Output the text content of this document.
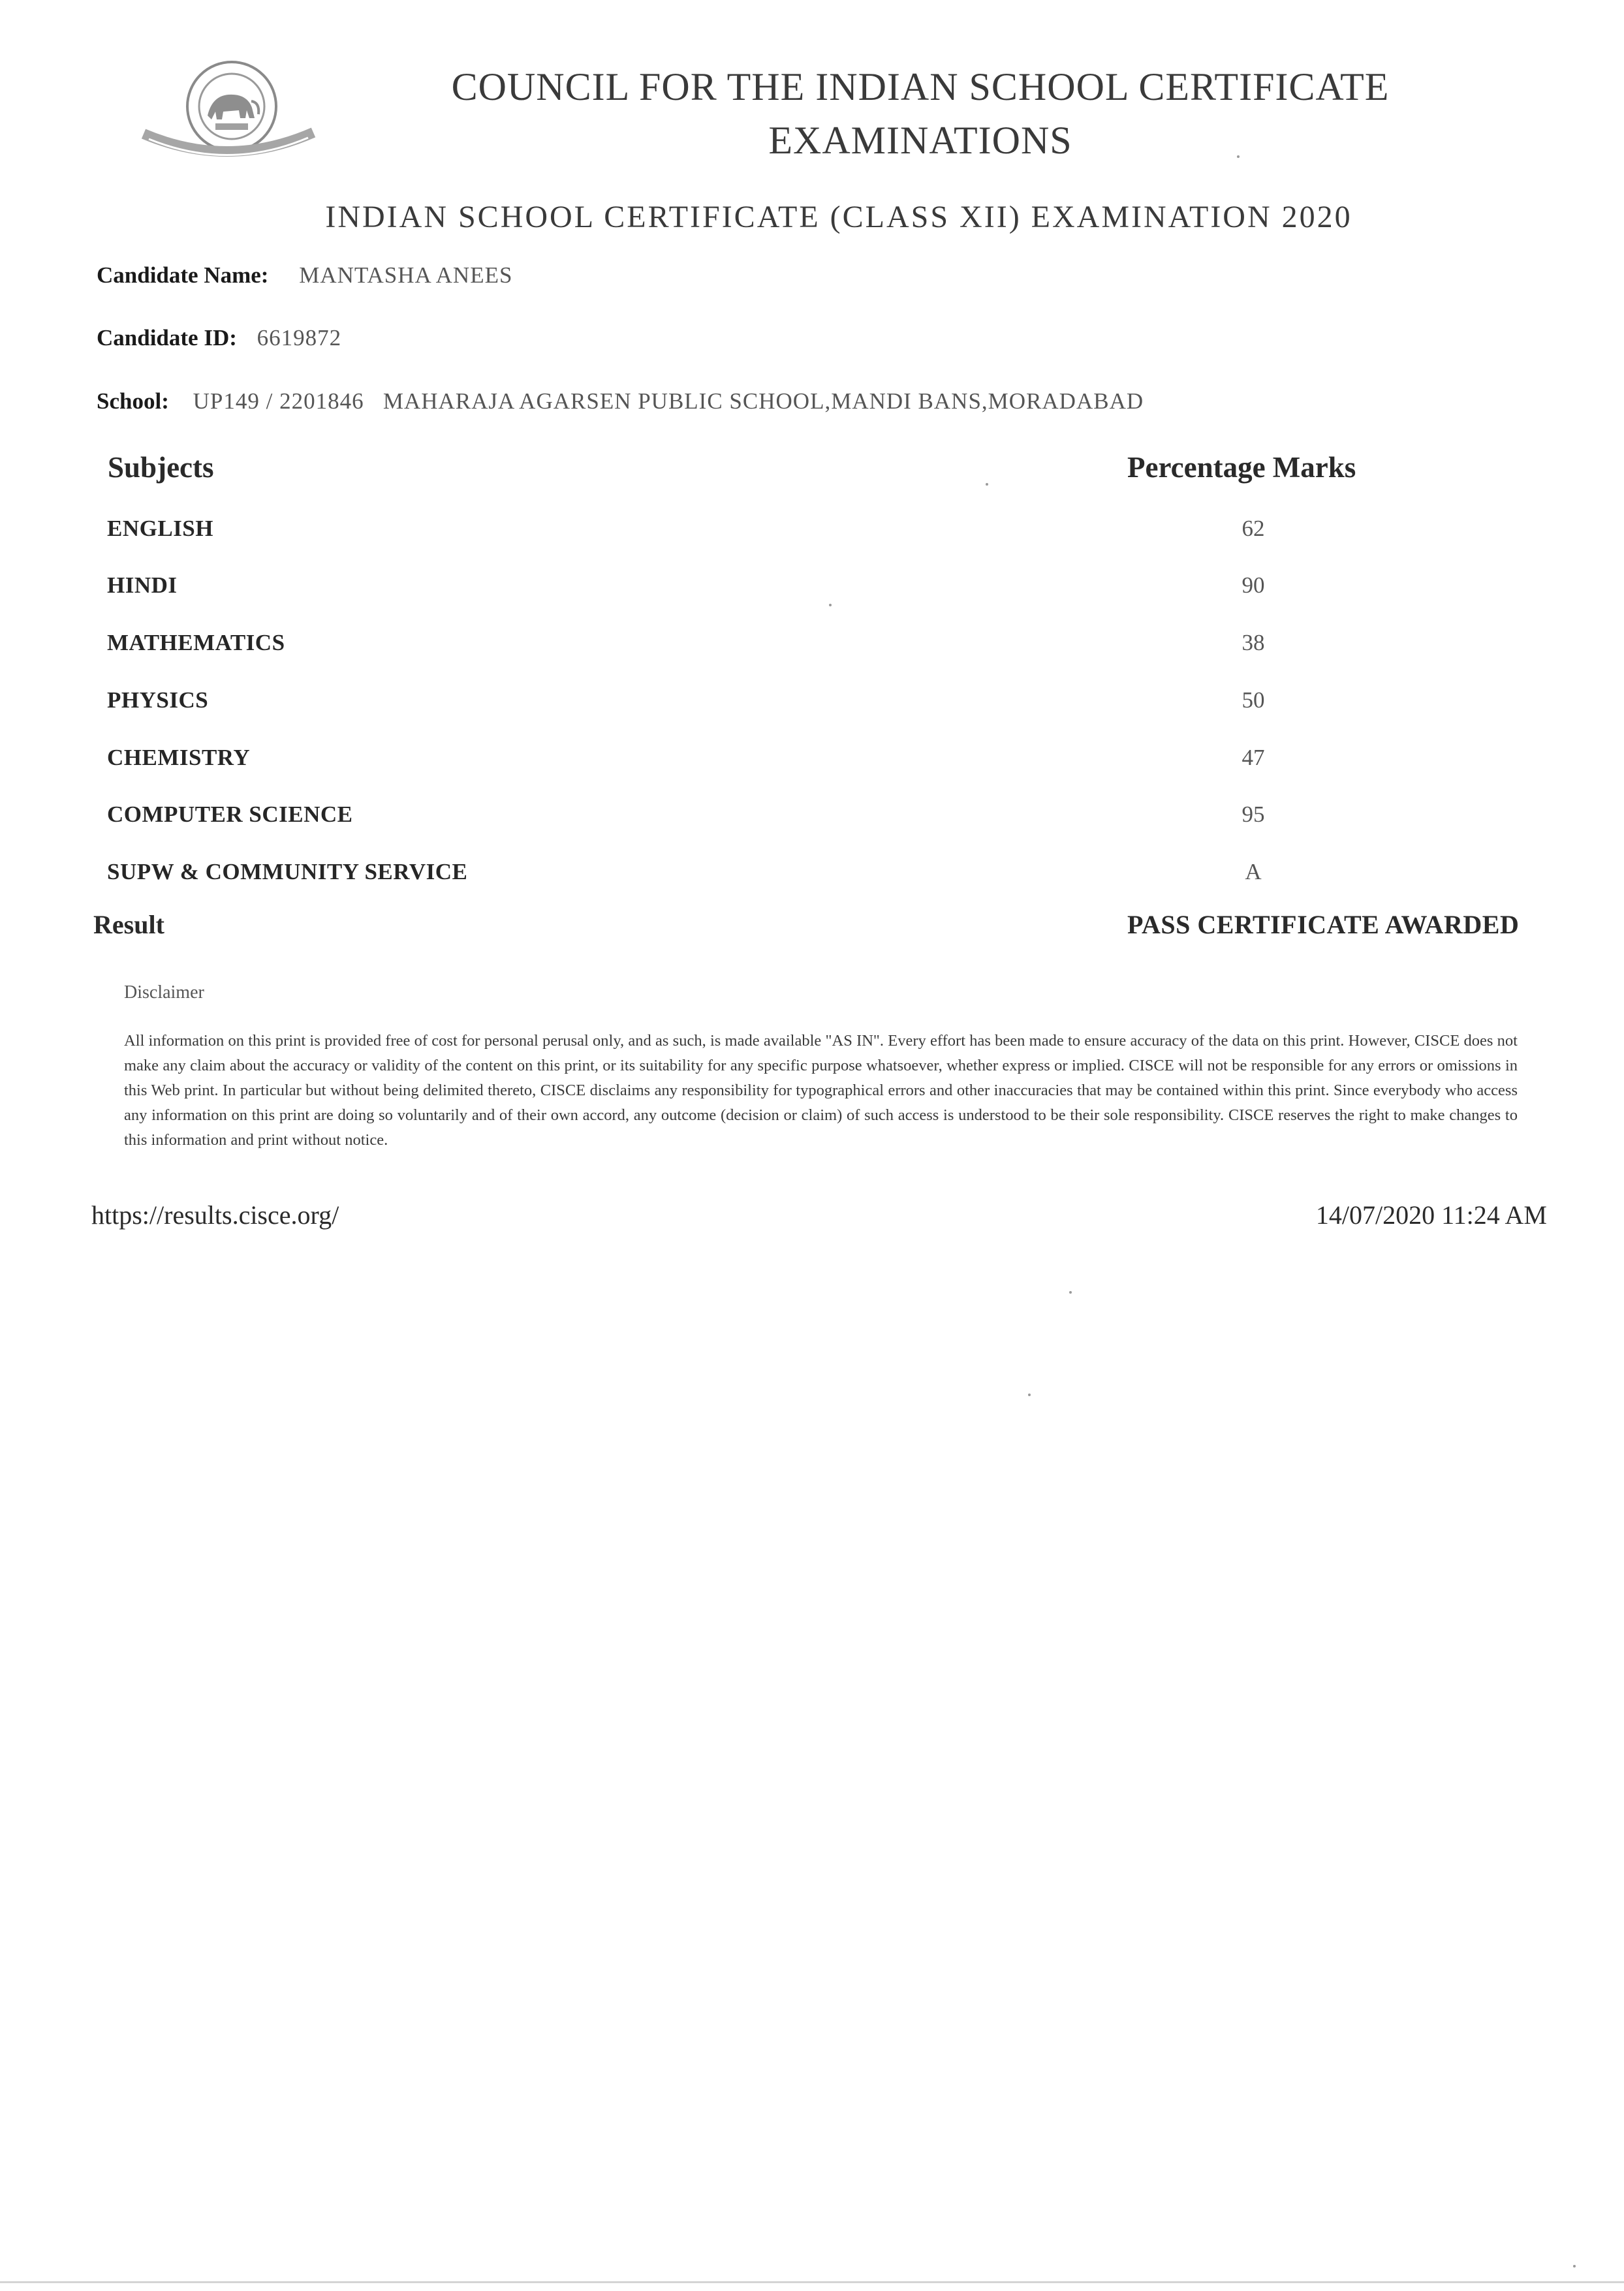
COUNCIL FOR THE INDIAN SCHOOL CERTIFICATE
EXAMINATIONS
INDIAN SCHOOL CERTIFICATE (CLASS XII) EXAMINATION 2020
Candidate Name: MANTASHA ANEES
Candidate ID: 6619872
School: UP149 / 2201846   MAHARAJA AGARSEN PUBLIC SCHOOL,MANDI BANS,MORADABAD
Subjects	Percentage Marks
ENGLISH	62
HINDI	90
MATHEMATICS	38
PHYSICS	50
CHEMISTRY	47
COMPUTER SCIENCE	95
SUPW & COMMUNITY SERVICE	A
Result	PASS CERTIFICATE AWARDED
Disclaimer
All information on this print is provided free of cost for personal perusal only, and as such, is made available "AS IN". Every effort has been made to ensure accuracy of the data on this print. However, CISCE does not make any claim about the accuracy or validity of the content on this print, or its suitability for any specific purpose whatsoever, whether express or implied. CISCE will not be responsible for any errors or omissions in this Web print. In particular but without being delimited thereto, CISCE disclaims any responsibility for typographical errors and other inaccuracies that may be contained within this print. Since everybody who access any information on this print are doing so voluntarily and of their own accord, any outcome (decision or claim) of such access is understood to be their sole responsibility. CISCE reserves the right to make changes to this information and print without notice.
https://results.cisce.org/	14/07/2020 11:24 AM
